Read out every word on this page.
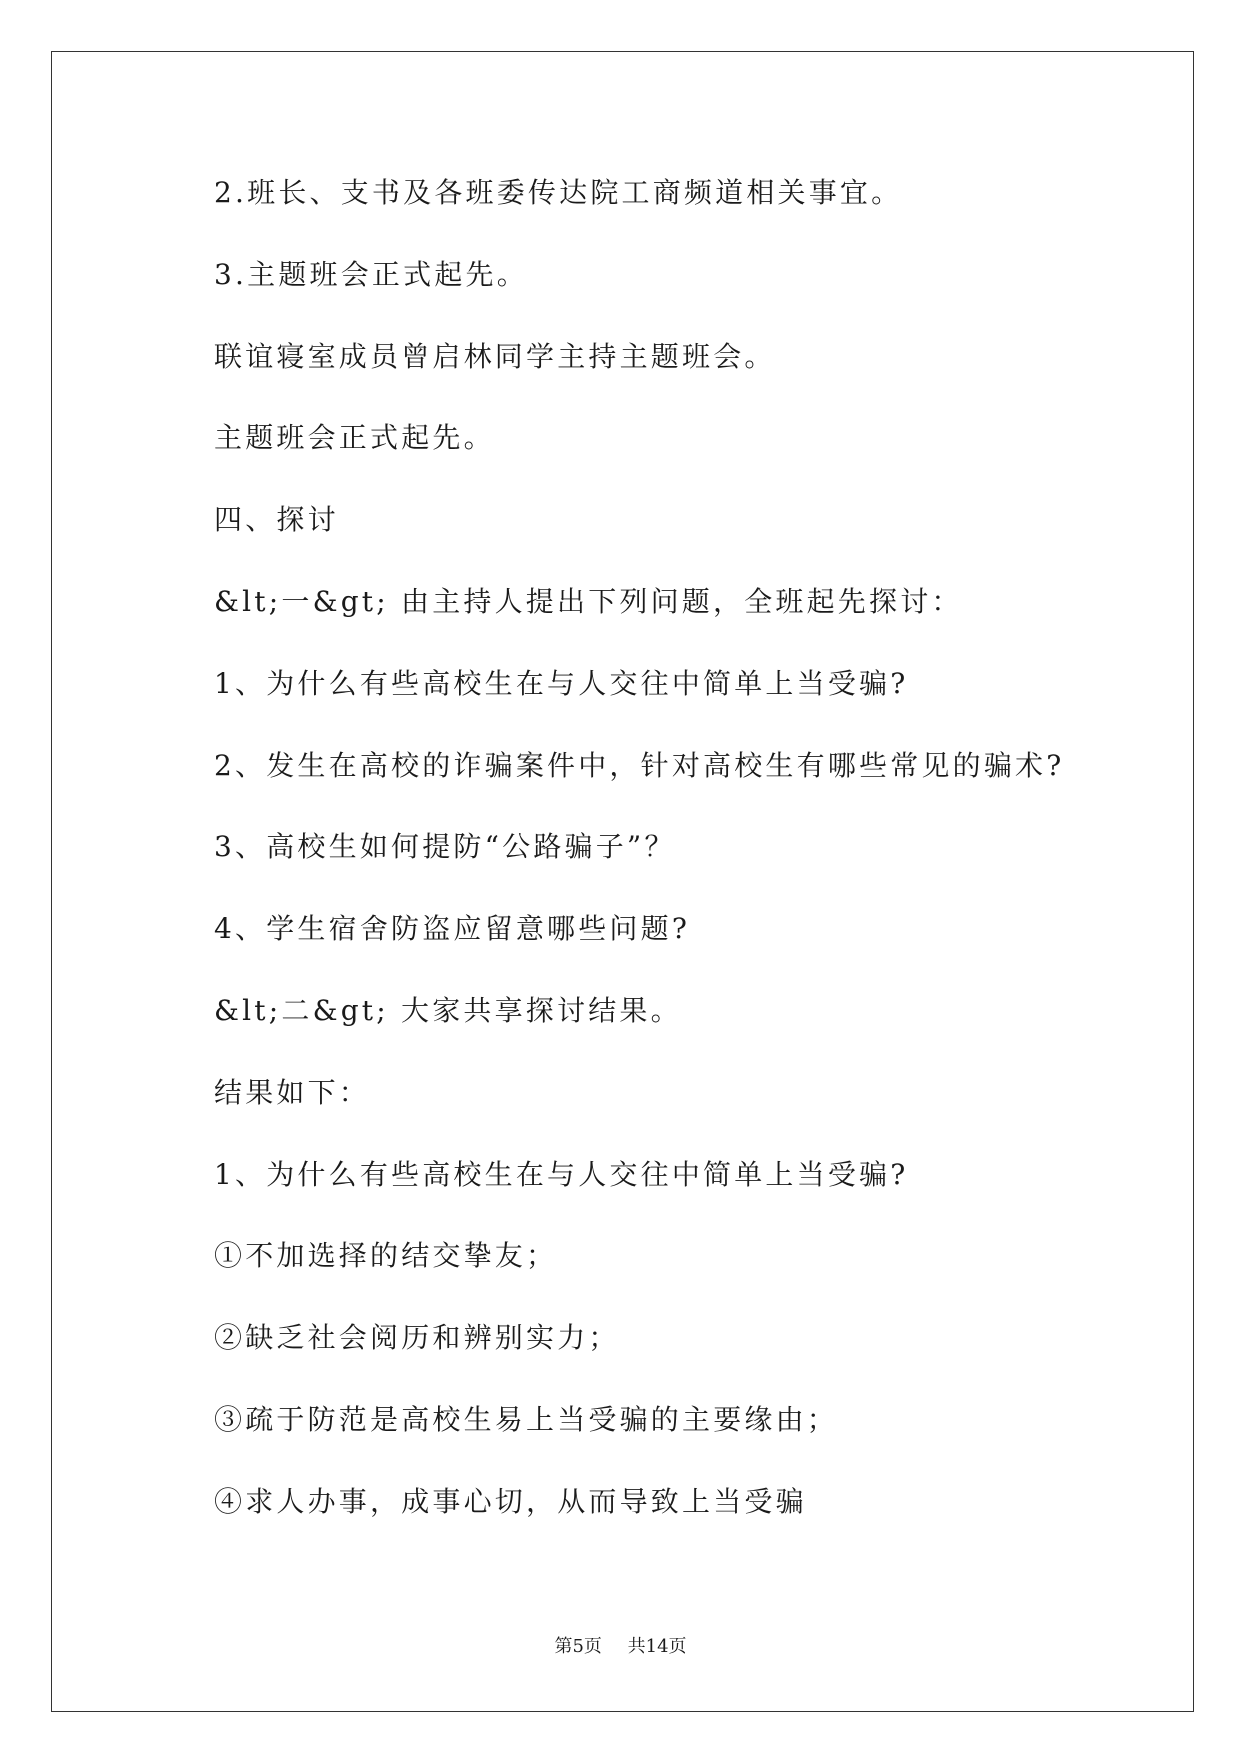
2.班长、支书及各班委传达院工商频道相关事宜。

3.主题班会正式起先。

联谊寝室成员曾启林同学主持主题班会。

主题班会正式起先。

四、探讨

&lt;一&gt; 由主持人提出下列问题，全班起先探讨：

1、为什么有些高校生在与人交往中简单上当受骗?

2、发生在高校的诈骗案件中，针对高校生有哪些常见的骗术?

3、高校生如何提防“公路骗子”？

4、学生宿舍防盗应留意哪些问题?

&lt;二&gt; 大家共享探讨结果。

结果如下：

1、为什么有些高校生在与人交往中简单上当受骗?

①不加选择的结交挚友；

②缺乏社会阅历和辨别实力；

③疏于防范是高校生易上当受骗的主要缘由；

④求人办事，成事心切，从而导致上当受骗

第5页 共14页
